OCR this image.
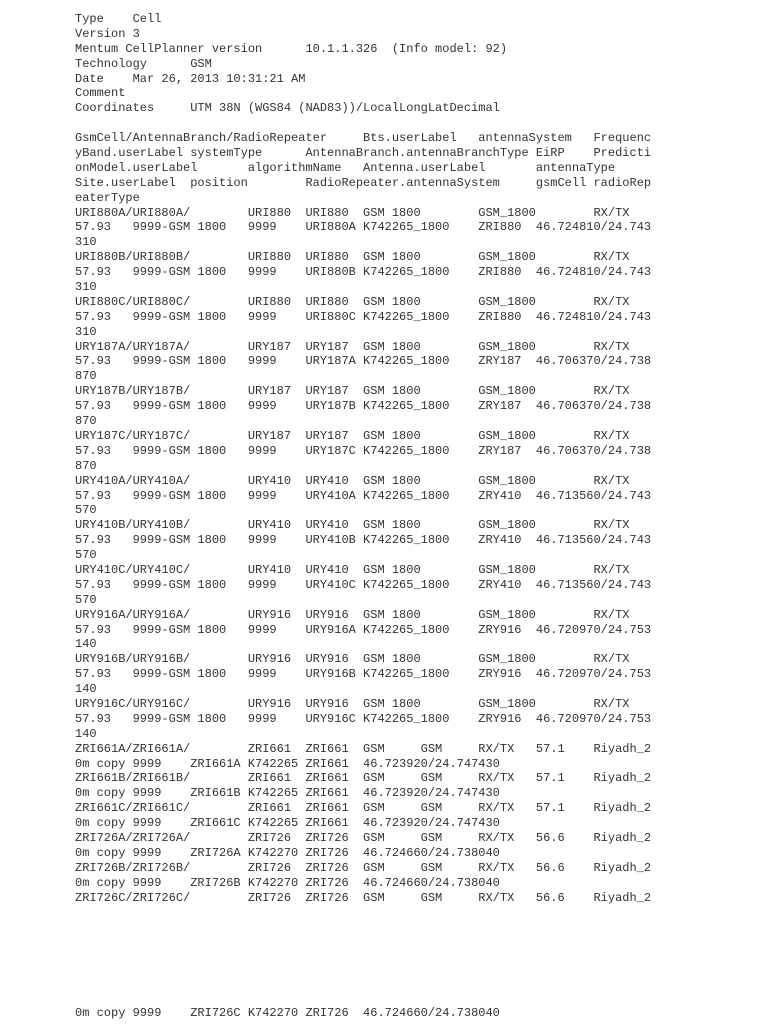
Type    Cell
Version 3
Mentum CellPlanner version      10.1.1.326  (Info model: 92)
Technology      GSM
Date    Mar 26, 2013 10:31:21 AM
Comment
Coordinates     UTM 38N (WGS84 (NAD83))/LocalLongLatDecimal
GsmCell/AntennaBranch/RadioRepeater     Bts.userLabel   antennaSystem   Frequenc
yBand.userLabel systemType      AntennaBranch.antennaBranchType EiRP    Predicti
onModel.userLabel       algorithmName   Antenna.userLabel       antennaType
Site.userLabel  position        RadioRepeater.antennaSystem     gsmCell radioRep
eaterType
URI880A/URI880A/        URI880  URI880  GSM 1800        GSM_1800        RX/TX
57.93   9999-GSM 1800   9999    URI880A K742265_1800    ZRI880  46.724810/24.743
310
URI880B/URI880B/        URI880  URI880  GSM 1800        GSM_1800        RX/TX
57.93   9999-GSM 1800   9999    URI880B K742265_1800    ZRI880  46.724810/24.743
310
URI880C/URI880C/        URI880  URI880  GSM 1800        GSM_1800        RX/TX
57.93   9999-GSM 1800   9999    URI880C K742265_1800    ZRI880  46.724810/24.743
310
URY187A/URY187A/        URY187  URY187  GSM 1800        GSM_1800        RX/TX
57.93   9999-GSM 1800   9999    URY187A K742265_1800    ZRY187  46.706370/24.738
870
URY187B/URY187B/        URY187  URY187  GSM 1800        GSM_1800        RX/TX
57.93   9999-GSM 1800   9999    URY187B K742265_1800    ZRY187  46.706370/24.738
870
URY187C/URY187C/        URY187  URY187  GSM 1800        GSM_1800        RX/TX
57.93   9999-GSM 1800   9999    URY187C K742265_1800    ZRY187  46.706370/24.738
870
URY410A/URY410A/        URY410  URY410  GSM 1800        GSM_1800        RX/TX
57.93   9999-GSM 1800   9999    URY410A K742265_1800    ZRY410  46.713560/24.743
570
URY410B/URY410B/        URY410  URY410  GSM 1800        GSM_1800        RX/TX
57.93   9999-GSM 1800   9999    URY410B K742265_1800    ZRY410  46.713560/24.743
570
URY410C/URY410C/        URY410  URY410  GSM 1800        GSM_1800        RX/TX
57.93   9999-GSM 1800   9999    URY410C K742265_1800    ZRY410  46.713560/24.743
570
URY916A/URY916A/        URY916  URY916  GSM 1800        GSM_1800        RX/TX
57.93   9999-GSM 1800   9999    URY916A K742265_1800    ZRY916  46.720970/24.753
140
URY916B/URY916B/        URY916  URY916  GSM 1800        GSM_1800        RX/TX
57.93   9999-GSM 1800   9999    URY916B K742265_1800    ZRY916  46.720970/24.753
140
URY916C/URY916C/        URY916  URY916  GSM 1800        GSM_1800        RX/TX
57.93   9999-GSM 1800   9999    URY916C K742265_1800    ZRY916  46.720970/24.753
140
ZRI661A/ZRI661A/        ZRI661  ZRI661  GSM     GSM     RX/TX   57.1    Riyadh_2
0m copy 9999    ZRI661A K742265 ZRI661  46.723920/24.747430
ZRI661B/ZRI661B/        ZRI661  ZRI661  GSM     GSM     RX/TX   57.1    Riyadh_2
0m copy 9999    ZRI661B K742265 ZRI661  46.723920/24.747430
ZRI661C/ZRI661C/        ZRI661  ZRI661  GSM     GSM     RX/TX   57.1    Riyadh_2
0m copy 9999    ZRI661C K742265 ZRI661  46.723920/24.747430
ZRI726A/ZRI726A/        ZRI726  ZRI726  GSM     GSM     RX/TX   56.6    Riyadh_2
0m copy 9999    ZRI726A K742270 ZRI726  46.724660/24.738040
ZRI726B/ZRI726B/        ZRI726  ZRI726  GSM     GSM     RX/TX   56.6    Riyadh_2
0m copy 9999    ZRI726B K742270 ZRI726  46.724660/24.738040
ZRI726C/ZRI726C/        ZRI726  ZRI726  GSM     GSM     RX/TX   56.6    Riyadh_2
0m copy 9999    ZRI726C K742270 ZRI726  46.724660/24.738040
